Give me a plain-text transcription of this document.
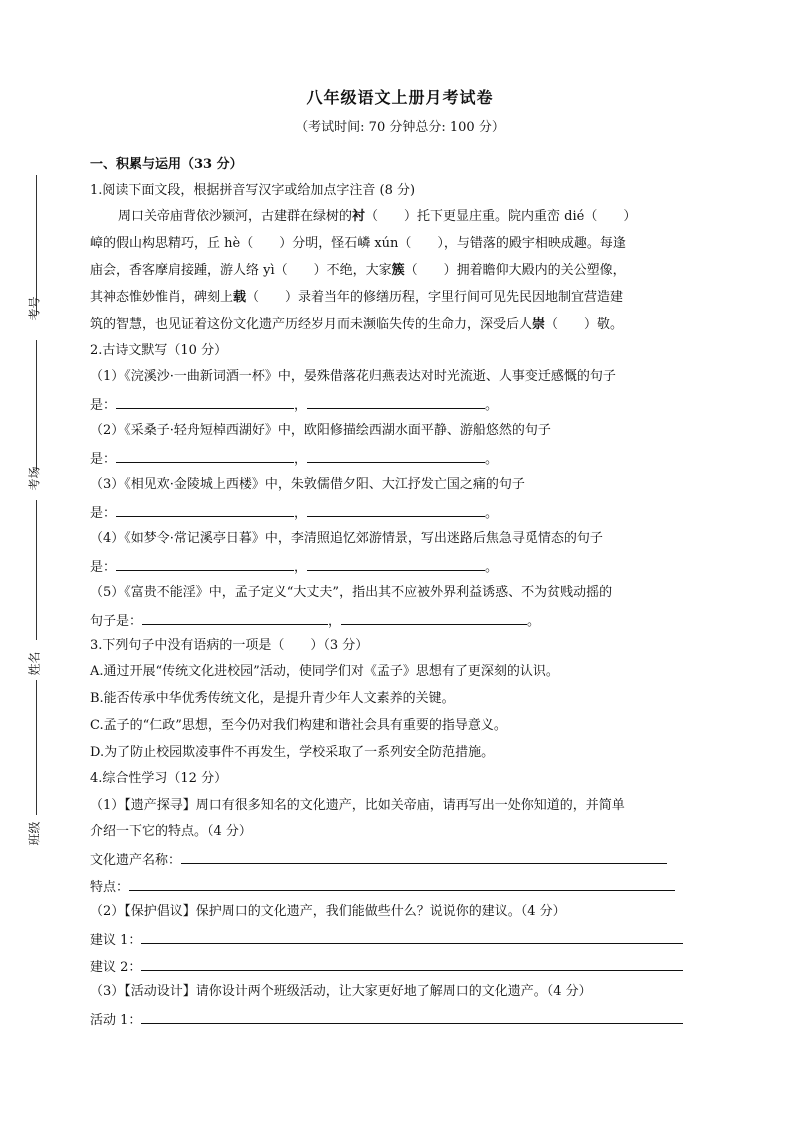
考号
考场
姓名
班级
八年级语文上册月考试卷
（考试时间: 70 分钟总分: 100 分）
一、积累与运用（33 分）
1.阅读下面文段，根据拼音写汉字或给加点字注音 (8 分)
周口关帝庙背依沙颍河，古建群在绿树的衬（　　）托下更显庄重。院内重峦 dié（　　）
嶂的假山构思精巧，丘 hè（　　）分明，怪石嶙 xún（　　），与错落的殿宇相映成趣。每逢
庙会，香客摩肩接踵，游人络 yì（　　）不绝，大家簇（　　）拥着瞻仰大殿内的关公塑像，
其神态惟妙惟肖，碑刻上载（　　）录着当年的修缮历程，字里行间可见先民因地制宜营造建
筑的智慧，也见证着这份文化遗产历经岁月而未濒临失传的生命力，深受后人崇（　　）敬。
2.古诗文默写（10 分）
（1）《浣溪沙·一曲新词酒一杯》中，晏殊借落花归燕表达对时光流逝、人事变迁感慨的句子
是：	，	。
（2）《采桑子·轻舟短棹西湖好》中，欧阳修描绘西湖水面平静、游船悠然的句子
是：	，	。
（3）《相见欢·金陵城上西楼》中，朱敦儒借夕阳、大江抒发亡国之痛的句子
是：	，	。
（4）《如梦令·常记溪亭日暮》中，李清照追忆郊游情景，写出迷路后焦急寻觅情态的句子
是：	，	。
（5）《富贵不能淫》中，孟子定义“大丈夫”，指出其不应被外界利益诱惑、不为贫贱动摇的
句子是：	，	。
3.下列句子中没有语病的一项是（　　）（3 分）
A.通过开展“传统文化进校园”活动，使同学们对《孟子》思想有了更深刻的认识。
B.能否传承中华优秀传统文化，是提升青少年人文素养的关键。
C.孟子的“仁政”思想，至今仍对我们构建和谐社会具有重要的指导意义。
D.为了防止校园欺凌事件不再发生，学校采取了一系列安全防范措施。
4.综合性学习（12 分）
（1）【遗产探寻】周口有很多知名的文化遗产，比如关帝庙，请再写出一处你知道的，并简单
介绍一下它的特点。（4 分）
文化遗产名称：
特点：
（2）【保护倡议】保护周口的文化遗产，我们能做些什么？说说你的建议。（4 分）
建议 1：
建议 2：
（3）【活动设计】请你设计两个班级活动，让大家更好地了解周口的文化遗产。（4 分）
活动 1：
